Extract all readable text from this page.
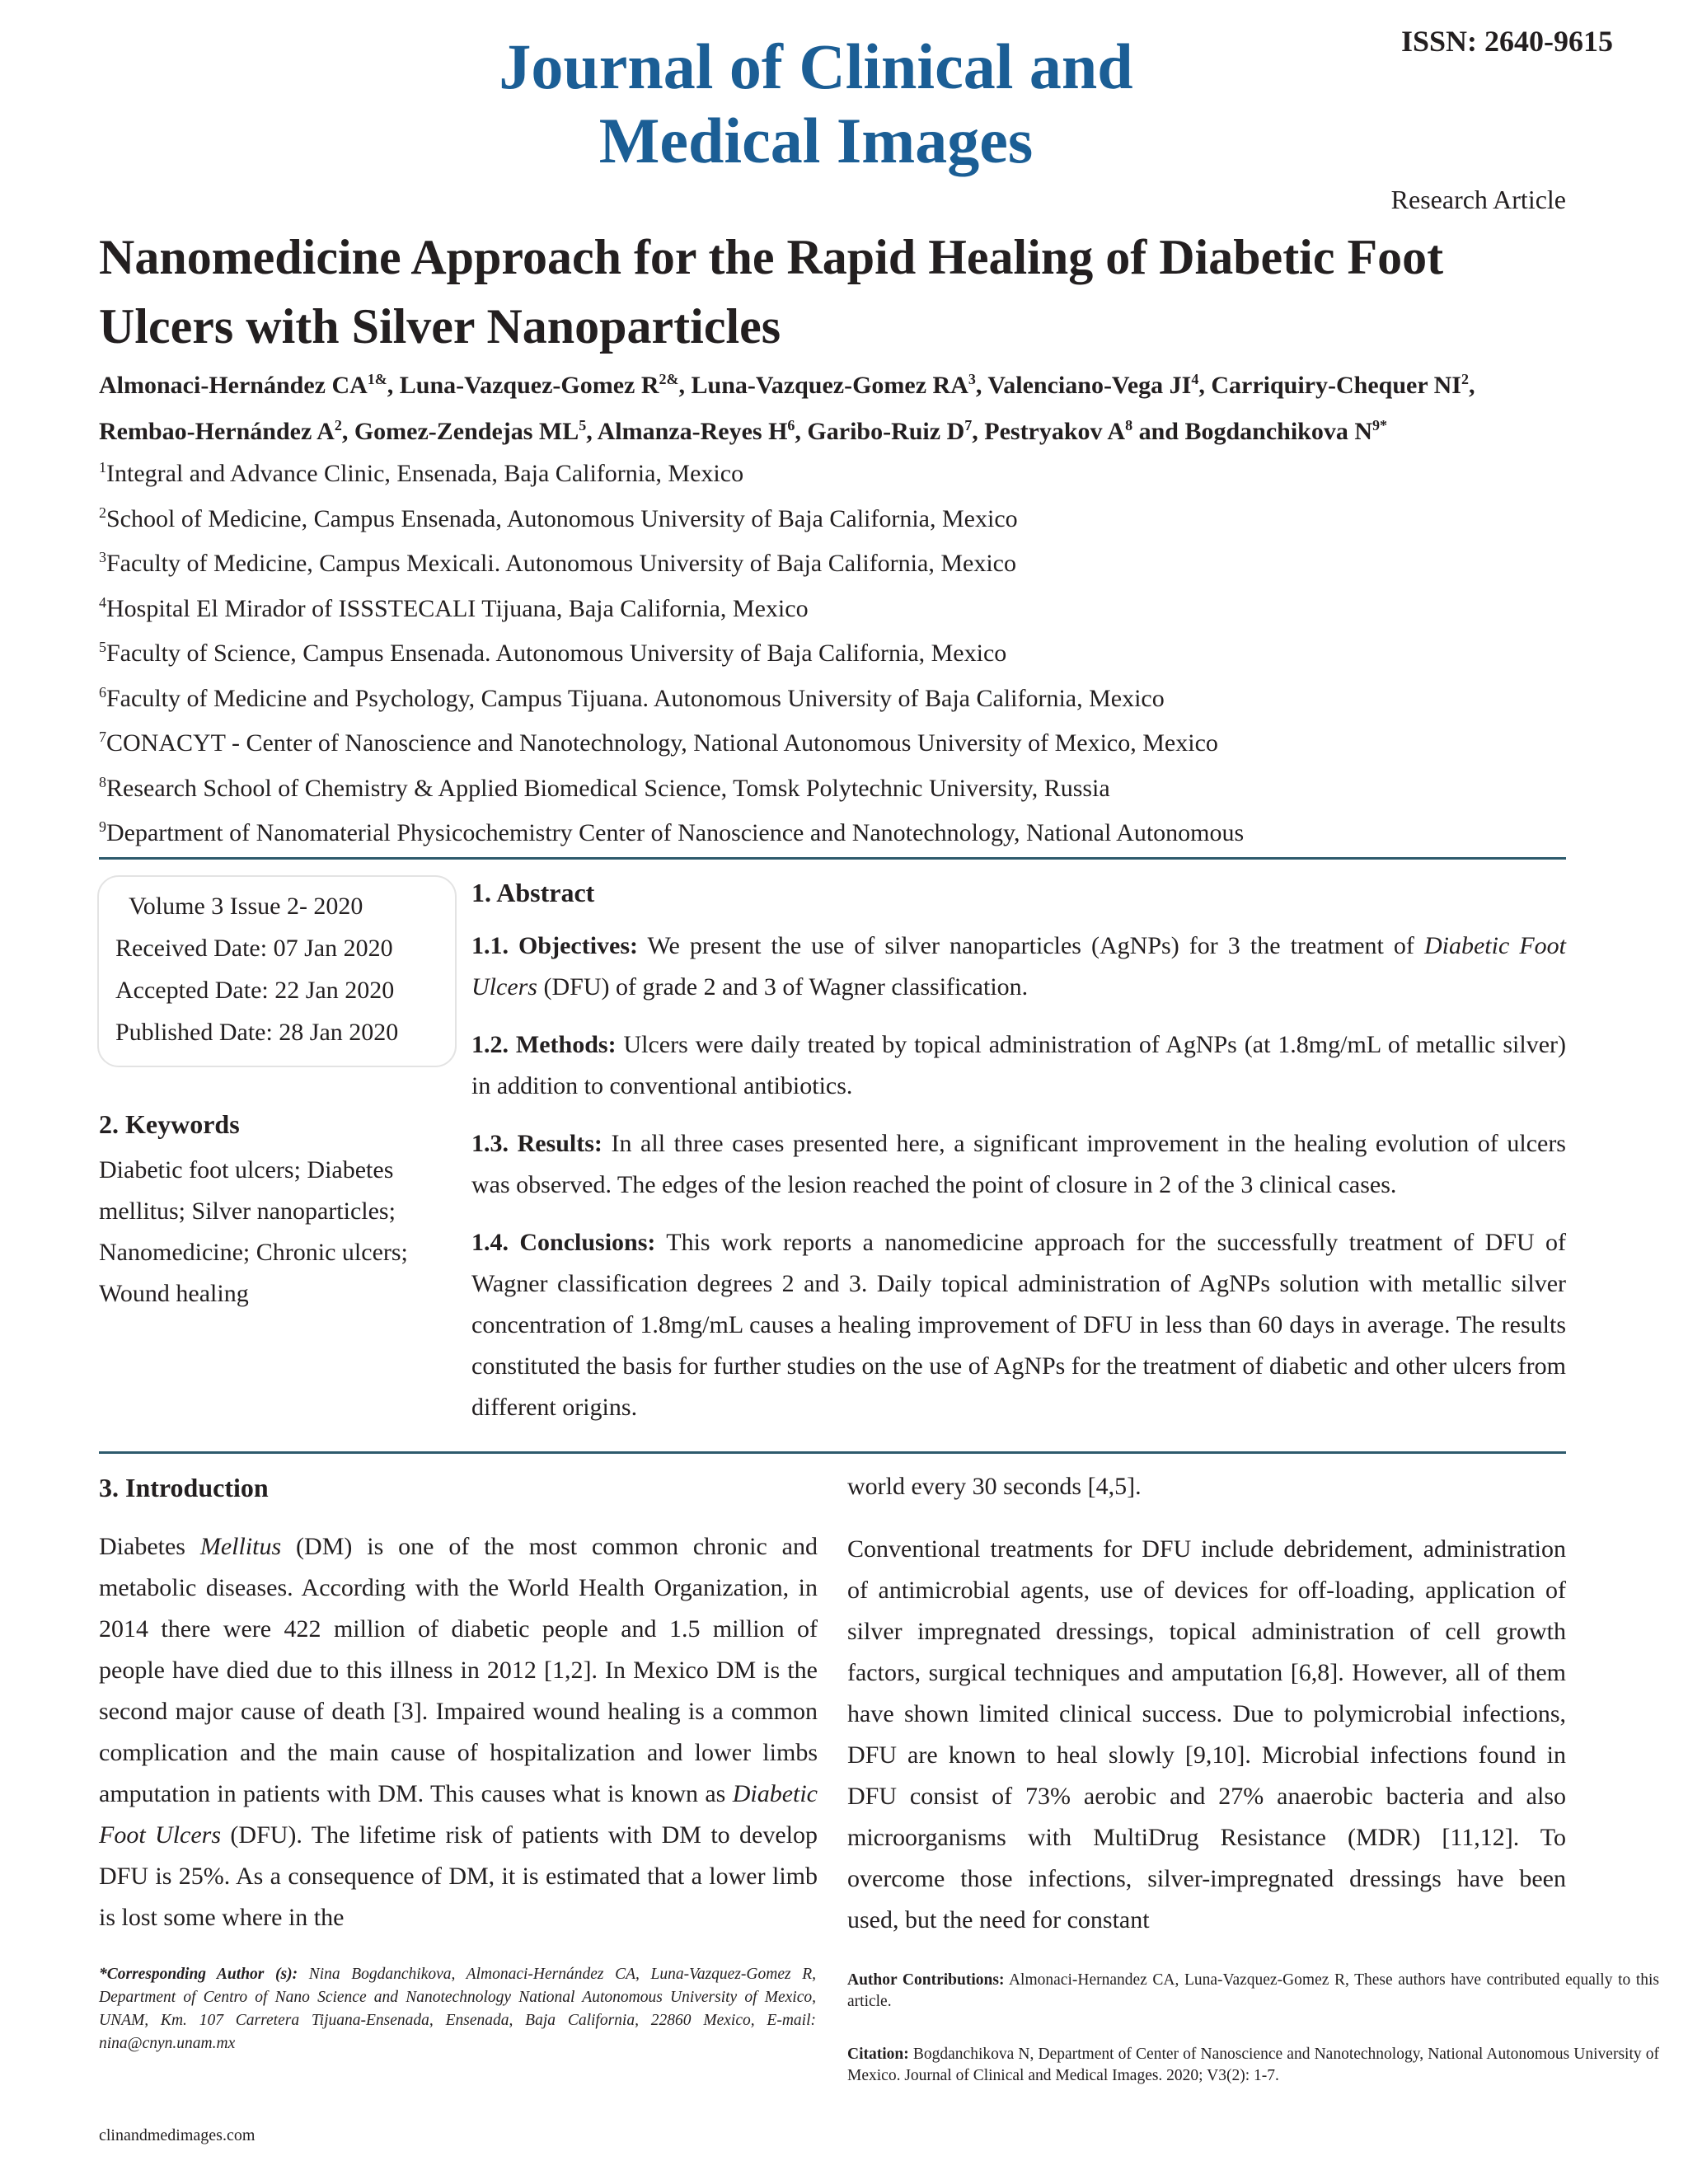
Journal of Clinical and
Medical Images
ISSN: 2640-9615
Research Article
Nanomedicine Approach for the Rapid Healing of Diabetic Foot
Ulcers with Silver Nanoparticles
Almonaci-Hernández $CA^{1\&}$, Luna-Vazquez-Gomez $R^{2\&}$, Luna-Vazquez-Gomez $RA^3$, Valenciano-Vega $JI^4$, Carriquiry-Chequer $NI^2$,
Rembao-Hernández $A^2$, Gomez-Zendejas $ML^5$, Almanza-Reyes $H^6$, Garibo-Ruiz $D^7$, Pestryakov $A^8$ and Bogdanchikova $N^{9*}$
$^1$Integral and Advance Clinic, Ensenada, Baja California, Mexico
$^2$School of Medicine, Campus Ensenada, Autonomous University of Baja California, Mexico
$^3$Faculty of Medicine, Campus Mexicali. Autonomous University of Baja California, Mexico
$^4$Hospital El Mirador of ISSSTECALI Tijuana, Baja California, Mexico
$^5$Faculty of Science, Campus Ensenada. Autonomous University of Baja California, Mexico
$^6$Faculty of Medicine and Psychology, Campus Tijuana. Autonomous University of Baja California, Mexico
$^7$CONACYT - Center of Nanoscience and Nanotechnology, National Autonomous University of Mexico, Mexico
$^8$Research School of Chemistry & Applied Biomedical Science, Tomsk Polytechnic University, Russia
$^9$Department of Nanomaterial Physicochemistry Center of Nanoscience and Nanotechnology, National Autonomous
Volume 3 Issue 2- 2020
Received Date: 07 Jan 2020
Accepted Date: 22 Jan 2020
Published Date: 28 Jan 2020
2. Keywords
Diabetic foot ulcers; Diabetes mellitus; Silver nanoparticles; Nanomedicine; Chronic ulcers; Wound healing
1. Abstract

1.1. Objectives: We present the use of silver nanoparticles (AgNPs) for 3 the treatment of Diabetic Foot Ulcers (DFU) of grade 2 and 3 of Wagner classification.

1.2. Methods: Ulcers were daily treated by topical administration of AgNPs (at 1.8mg/mL of metallic silver) in addition to conventional antibiotics.

1.3. Results: In all three cases presented here, a significant improvement in the healing evolution of ulcers was observed. The edges of the lesion reached the point of closure in 2 of the 3 clinical cases.

1.4. Conclusions: This work reports a nanomedicine approach for the successfully treatment of DFU of Wagner classification degrees 2 and 3. Daily topical administration of AgNPs solution with metallic silver concentration of 1.8mg/mL causes a healing improvement of DFU in less than 60 days in average. The results constituted the basis for further studies on the use of AgNPs for the treatment of diabetic and other ulcers from different origins.

3. Introduction

Diabetes Mellitus (DM) is one of the most common chronic and metabolic diseases. According with the World Health Organization, in 2014 there were 422 million of diabetic people and 1.5 million of people have died due to this illness in 2012 [1,2]. In Mexico DM is the second major cause of death [3]. Impaired wound healing is a common complication and the main cause of hospitalization and lower limbs amputation in patients with DM. This causes what is known as Diabetic Foot Ulcers (DFU). The lifetime risk of patients with DM to develop DFU is 25%. As a consequence of DM, it is estimated that a lower limb is lost some where in the

world every 30 seconds [4,5].

Conventional treatments for DFU include debridement, administration of antimicrobial agents, use of devices for off-loading, application of silver impregnated dressings, topical administration of cell growth factors, surgical techniques and amputation [6,8]. However, all of them have shown limited clinical success. Due to polymicrobial infections, DFU are known to heal slowly [9,10]. Microbial infections found in DFU consist of 73% aerobic and 27% anaerobic bacteria and also microorganisms with MultiDrug Resistance (MDR) [11,12]. To overcome those infections, silver-impregnated dressings have been used, but the need for constant

*Corresponding Author (s): Nina Bogdanchikova, Almonaci-Hernández CA, Luna-Vazquez-Gomez R, Department of Centro of Nano Science and Nanotechnology National Autonomous University of Mexico, UNAM, Km. 107 Carretera Tijuana-Ensenada, Ensenada, Baja California, 22860 Mexico, E-mail: nina@cnyn.unam.mx
Author Contributions: Almonaci-Hernandez CA, Luna-Vazquez-Gomez R, These authors have contributed equally to this article.
Citation: Bogdanchikova N, Department of Center of Nanoscience and Nanotechnology, National Autonomous University of Mexico. Journal of Clinical and Medical Images. 2020; V3(2): 1-7.
clinandmedimages.com
